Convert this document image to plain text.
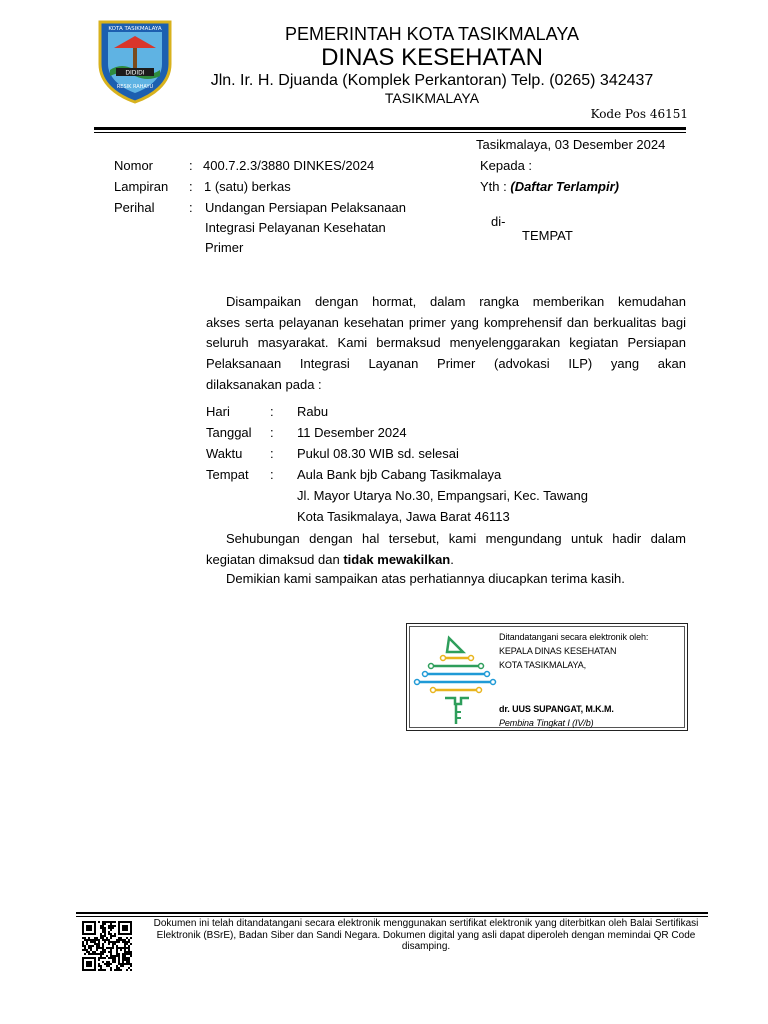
DIDIDI
KOTA TASIKMALAYA
RESIK RAHAYU
PEMERINTAH KOTA TASIKMALAYA
DINAS KESEHATAN
Jln. Ir. H. Djuanda (Komplek Perkantoran) Telp. (0265) 342437
TASIKMALAYA
Kode Pos 46151
Tasikmalaya, 03 Desember 2024
Nomor	: 400.7.2.3/3880 DINKES/2024
Lampiran : 1 (satu) berkas
Perihal	: Undangan Persiapan Pelaksanaan
Integrasi Pelayanan Kesehatan
Primer
Kepada :
Yth : (Daftar Terlampir)
di-
TEMPAT
Disampaikan dengan hormat, dalam rangka memberikan kemudahan
akses serta pelayanan kesehatan primer yang komprehensif dan berkualitas bagi
seluruh masyarakat. Kami bermaksud menyelenggarakan kegiatan Persiapan
Pelaksanaan Integrasi Layanan Primer (advokasi ILP) yang akan
dilaksanakan pada :
Hari	: Rabu
Tanggal : 11 Desember 2024
Waktu : Pukul 08.30 WIB sd. selesai
Tempat : Aula Bank bjb Cabang Tasikmalaya
Jl. Mayor Utarya No.30, Empangsari, Kec. Tawang
Kota Tasikmalaya, Jawa Barat 46113
Sehubungan dengan hal tersebut, kami mengundang untuk hadir dalam
kegiatan dimaksud dan tidak mewakilkan.
Demikian kami sampaikan atas perhatiannya diucapkan terima kasih.
Ditandatangani secara elektronik oleh:
KEPALA DINAS KESEHATAN
KOTA TASIKMALAYA,
dr. UUS SUPANGAT, M.K.M.
Pembina Tingkat I (IV/b)
Dokumen ini telah ditandatangani secara elektronik menggunakan sertifikat elektronik yang diterbitkan oleh Balai Sertifikasi Elektronik (BSrE), Badan Siber dan Sandi Negara. Dokumen digital yang asli dapat diperoleh dengan memindai QR Code disamping.
